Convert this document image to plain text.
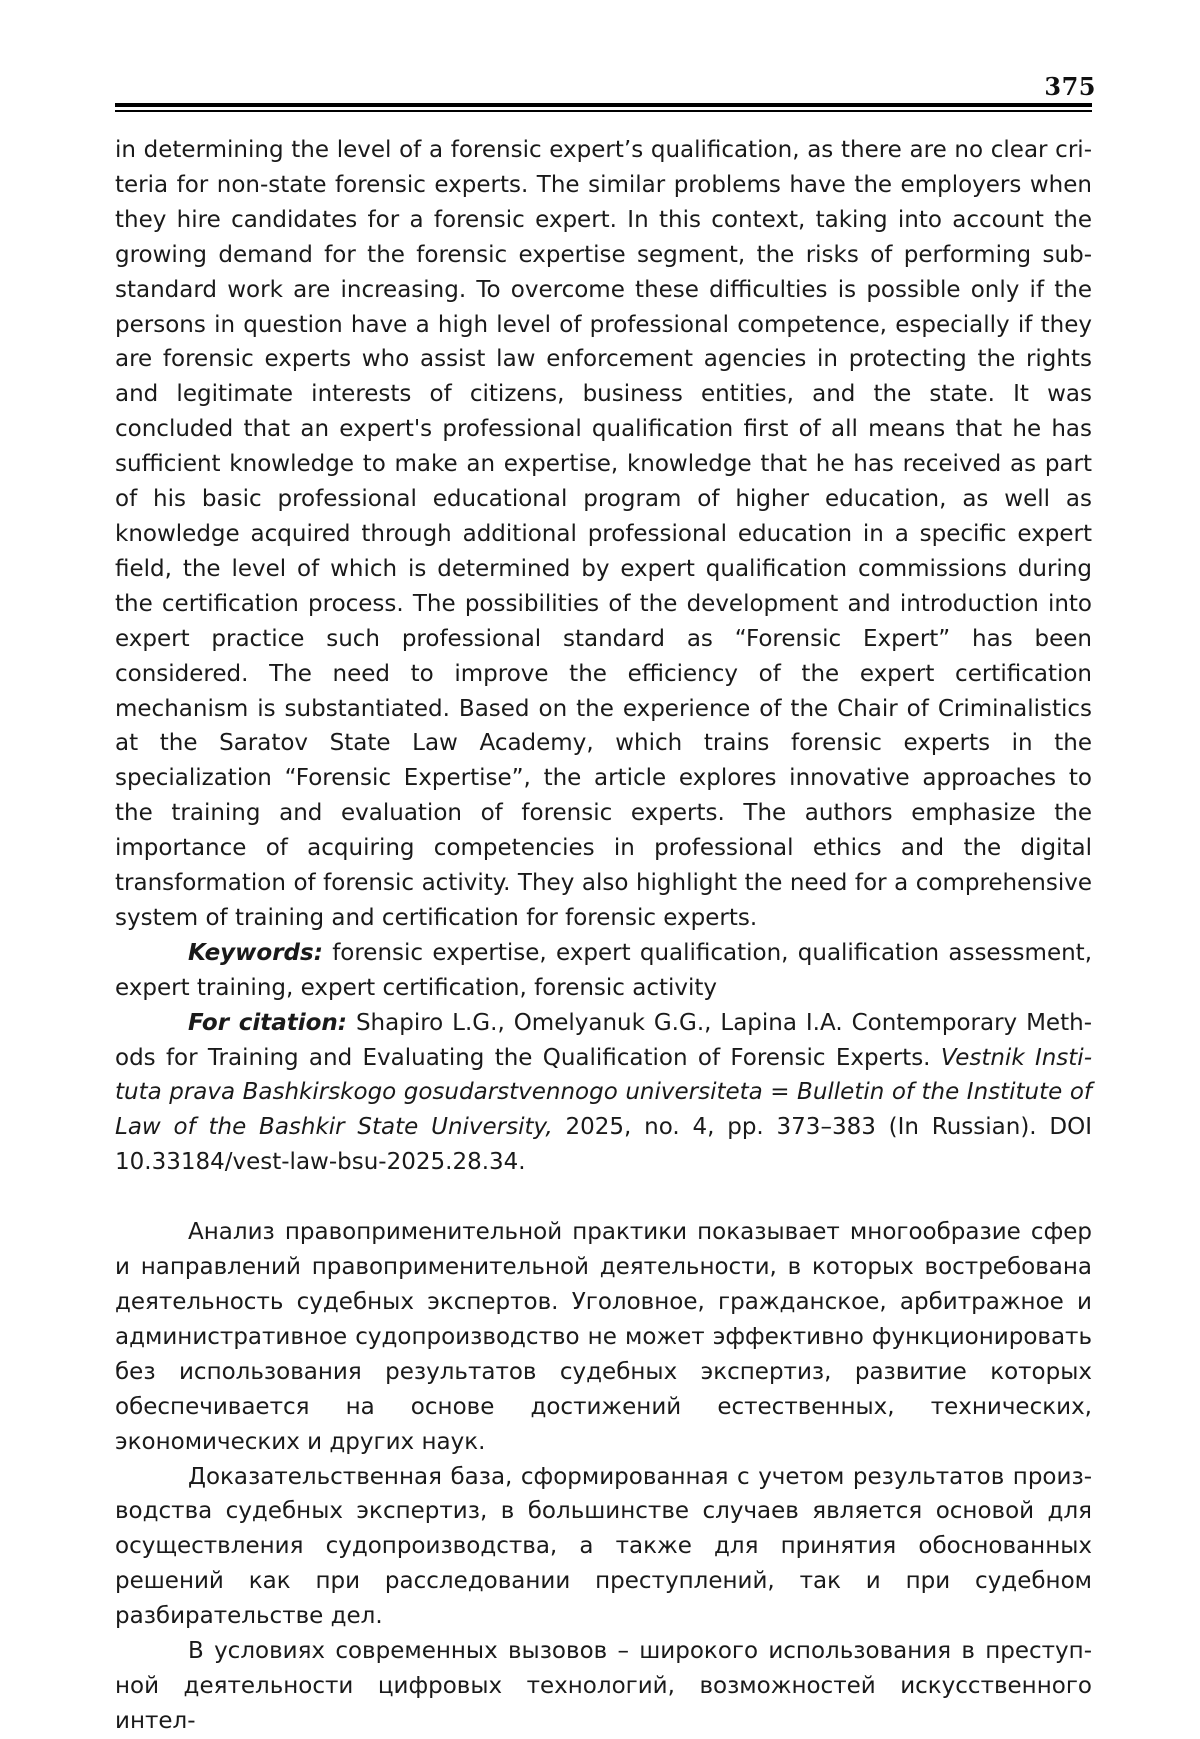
375

in determining the level of a forensic expert’s qualification, as there are no clear criteria for non-state forensic experts. The similar problems have the employers when they hire candidates for a forensic expert. In this context, taking into account the growing demand for the forensic expertise segment, the risks of performing substandard work are increasing. To overcome these difficulties is possible only if the persons in question have a high level of professional competence, especially if they are forensic experts who assist law enforcement agencies in protecting the rights and legitimate interests of citizens, business entities, and the state. It was concluded that an expert's professional qualification first of all means that he has sufficient knowledge to make an expertise, knowledge that he has received as part of his basic professional educational program of higher education, as well as knowledge acquired through additional professional education in a specific expert field, the level of which is determined by expert qualification commissions during the certification process. The possibilities of the development and introduction into expert practice such professional standard as “Forensic Expert” has been considered. The need to improve the efficiency of the expert certification mechanism is substantiated. Based on the experience of the Chair of Criminalistics at the Saratov State Law Academy, which trains forensic experts in the specialization “Forensic Expertise”, the article explores innovative approaches to the training and evaluation of forensic experts. The authors emphasize the importance of acquiring competencies in professional ethics and the digital transformation of forensic activity. They also highlight the need for a comprehensive system of training and certification for forensic experts.

Keywords: forensic expertise, expert qualification, qualification assessment, expert training, expert certification, forensic activity

For citation: Shapiro L.G., Omelyanuk G.G., Lapina I.A. Contemporary Methods for Training and Evaluating the Qualification of Forensic Experts. Vestnik Instituta prava Bashkirskogo gosudarstvennogo universiteta = Bulletin of the Institute of Law of the Bashkir State University, 2025, no. 4, pp. 373–383 (In Russian). DOI 10.33184/vest-law-bsu-2025.28.34.

Анализ правоприменительной практики показывает многообразие сфер и направлений правоприменительной деятельности, в которых востребована деятельность судебных экспертов. Уголовное, гражданское, арбитражное и административное судопроизводство не может эффективно функционировать без использования результатов судебных экспертиз, развитие которых обеспечивается на основе достижений естественных, технических, экономических и других наук.

Доказательственная база, сформированная с учетом результатов производства судебных экспертиз, в большинстве случаев является основой для осуществления судопроизводства, а также для принятия обоснованных решений как при расследовании преступлений, так и при судебном разбирательстве дел.

В условиях современных вызовов – широкого использования в преступной деятельности цифровых технологий, возможностей искусственного интел-
